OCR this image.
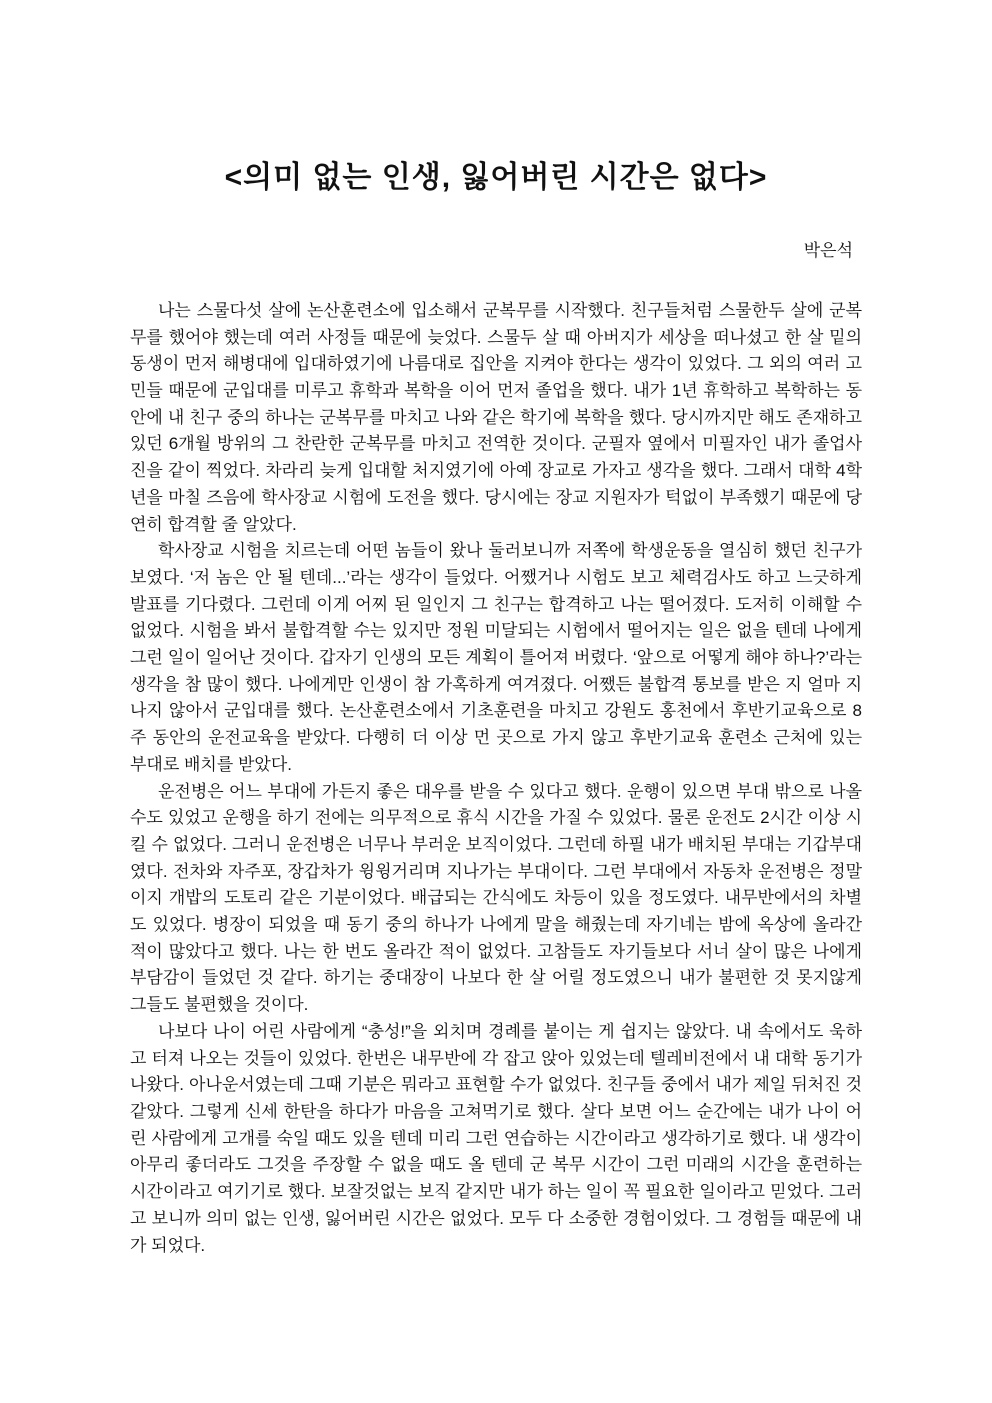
<의미 없는 인생, 잃어버린 시간은 없다>
박은석

나는 스물다섯 살에 논산훈련소에 입소해서 군복무를 시작했다. 친구들처럼 스물한두 살에 군복무를 했어야 했는데 여러 사정들 때문에 늦었다. 스물두 살 때 아버지가 세상을 떠나셨고 한 살 밑의 동생이 먼저 해병대에 입대하였기에 나름대로 집안을 지켜야 한다는 생각이 있었다. 그 외의 여러 고민들 때문에 군입대를 미루고 휴학과 복학을 이어 먼저 졸업을 했다. 내가 1년 휴학하고 복학하는 동안에 내 친구 중의 하나는 군복무를 마치고 나와 같은 학기에 복학을 했다. 당시까지만 해도 존재하고 있던 6개월 방위의 그 찬란한 군복무를 마치고 전역한 것이다. 군필자 옆에서 미필자인 내가 졸업사진을 같이 찍었다. 차라리 늦게 입대할 처지였기에 아예 장교로 가자고 생각을 했다. 그래서 대학 4학년을 마칠 즈음에 학사장교 시험에 도전을 했다. 당시에는 장교 지원자가 턱없이 부족했기 때문에 당연히 합격할 줄 알았다.

학사장교 시험을 치르는데 어떤 놈들이 왔나 둘러보니까 저쪽에 학생운동을 열심히 했던 친구가 보였다. ‘저 놈은 안 될 텐데...’라는 생각이 들었다. 어쨌거나 시험도 보고 체력검사도 하고 느긋하게 발표를 기다렸다. 그런데 이게 어찌 된 일인지 그 친구는 합격하고 나는 떨어졌다. 도저히 이해할 수 없었다. 시험을 봐서 불합격할 수는 있지만 정원 미달되는 시험에서 떨어지는 일은 없을 텐데 나에게 그런 일이 일어난 것이다. 갑자기 인생의 모든 계획이 틀어져 버렸다. ‘앞으로 어떻게 해야 하나?’라는 생각을 참 많이 했다. 나에게만 인생이 참 가혹하게 여겨졌다. 어쨌든 불합격 통보를 받은 지 얼마 지나지 않아서 군입대를 했다. 논산훈련소에서 기초훈련을 마치고 강원도 홍천에서 후반기교육으로 8주 동안의 운전교육을 받았다. 다행히 더 이상 먼 곳으로 가지 않고 후반기교육 훈련소 근처에 있는 부대로 배치를 받았다.

운전병은 어느 부대에 가든지 좋은 대우를 받을 수 있다고 했다. 운행이 있으면 부대 밖으로 나올 수도 있었고 운행을 하기 전에는 의무적으로 휴식 시간을 가질 수 있었다. 물론 운전도 2시간 이상 시킬 수 없었다. 그러니 운전병은 너무나 부러운 보직이었다. 그런데 하필 내가 배치된 부대는 기갑부대였다. 전차와 자주포, 장갑차가 윙윙거리며 지나가는 부대이다. 그런 부대에서 자동차 운전병은 정말이지 개밥의 도토리 같은 기분이었다. 배급되는 간식에도 차등이 있을 정도였다. 내무반에서의 차별도 있었다. 병장이 되었을 때 동기 중의 하나가 나에게 말을 해줬는데 자기네는 밤에 옥상에 올라간 적이 많았다고 했다. 나는 한 번도 올라간 적이 없었다. 고참들도 자기들보다 서너 살이 많은 나에게 부담감이 들었던 것 같다. 하기는 중대장이 나보다 한 살 어릴 정도였으니 내가 불편한 것 못지않게 그들도 불편했을 것이다.

나보다 나이 어린 사람에게 “충성!”을 외치며 경례를 붙이는 게 쉽지는 않았다. 내 속에서도 욱하고 터져 나오는 것들이 있었다. 한번은 내무반에 각 잡고 앉아 있었는데 텔레비전에서 내 대학 동기가 나왔다. 아나운서였는데 그때 기분은 뭐라고 표현할 수가 없었다. 친구들 중에서 내가 제일 뒤처진 것 같았다. 그렇게 신세 한탄을 하다가 마음을 고쳐먹기로 했다. 살다 보면 어느 순간에는 내가 나이 어린 사람에게 고개를 숙일 때도 있을 텐데 미리 그런 연습하는 시간이라고 생각하기로 했다. 내 생각이 아무리 좋더라도 그것을 주장할 수 없을 때도 올 텐데 군 복무 시간이 그런 미래의 시간을 훈련하는 시간이라고 여기기로 했다. 보잘것없는 보직 같지만 내가 하는 일이 꼭 필요한 일이라고 믿었다. 그러고 보니까 의미 없는 인생, 잃어버린 시간은 없었다. 모두 다 소중한 경험이었다. 그 경험들 때문에 내가 되었다.
